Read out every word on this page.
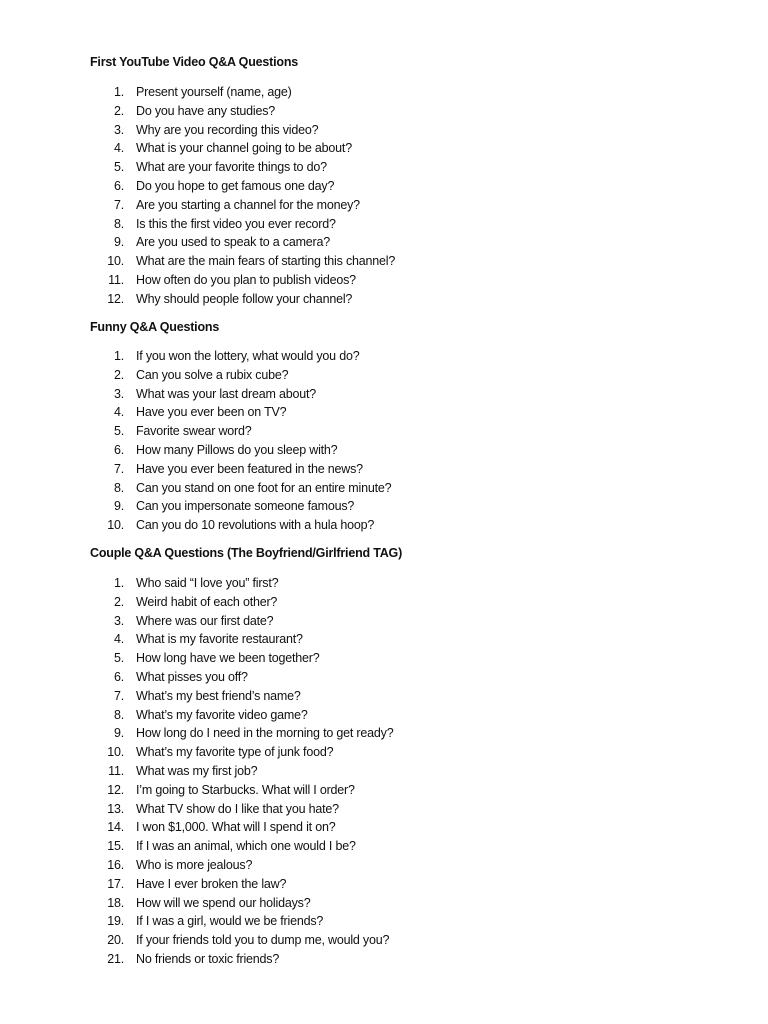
First YouTube Video Q&A Questions
1. Present yourself (name, age)
2. Do you have any studies?
3. Why are you recording this video?
4. What is your channel going to be about?
5. What are your favorite things to do?
6. Do you hope to get famous one day?
7. Are you starting a channel for the money?
8. Is this the first video you ever record?
9. Are you used to speak to a camera?
10. What are the main fears of starting this channel?
11. How often do you plan to publish videos?
12. Why should people follow your channel?
Funny Q&A Questions
1. If you won the lottery, what would you do?
2. Can you solve a rubix cube?
3. What was your last dream about?
4. Have you ever been on TV?
5. Favorite swear word?
6. How many Pillows do you sleep with?
7. Have you ever been featured in the news?
8. Can you stand on one foot for an entire minute?
9. Can you impersonate someone famous?
10. Can you do 10 revolutions with a hula hoop?
Couple Q&A Questions (The Boyfriend/Girlfriend TAG)
1. Who said “I love you” first?
2. Weird habit of each other?
3. Where was our first date?
4. What is my favorite restaurant?
5. How long have we been together?
6. What pisses you off?
7. What’s my best friend’s name?
8. What’s my favorite video game?
9. How long do I need in the morning to get ready?
10. What’s my favorite type of junk food?
11. What was my first job?
12. I’m going to Starbucks. What will I order?
13. What TV show do I like that you hate?
14. I won $1,000. What will I spend it on?
15. If I was an animal, which one would I be?
16. Who is more jealous?
17. Have I ever broken the law?
18. How will we spend our holidays?
19. If I was a girl, would we be friends?
20. If your friends told you to dump me, would you?
21. No friends or toxic friends?
